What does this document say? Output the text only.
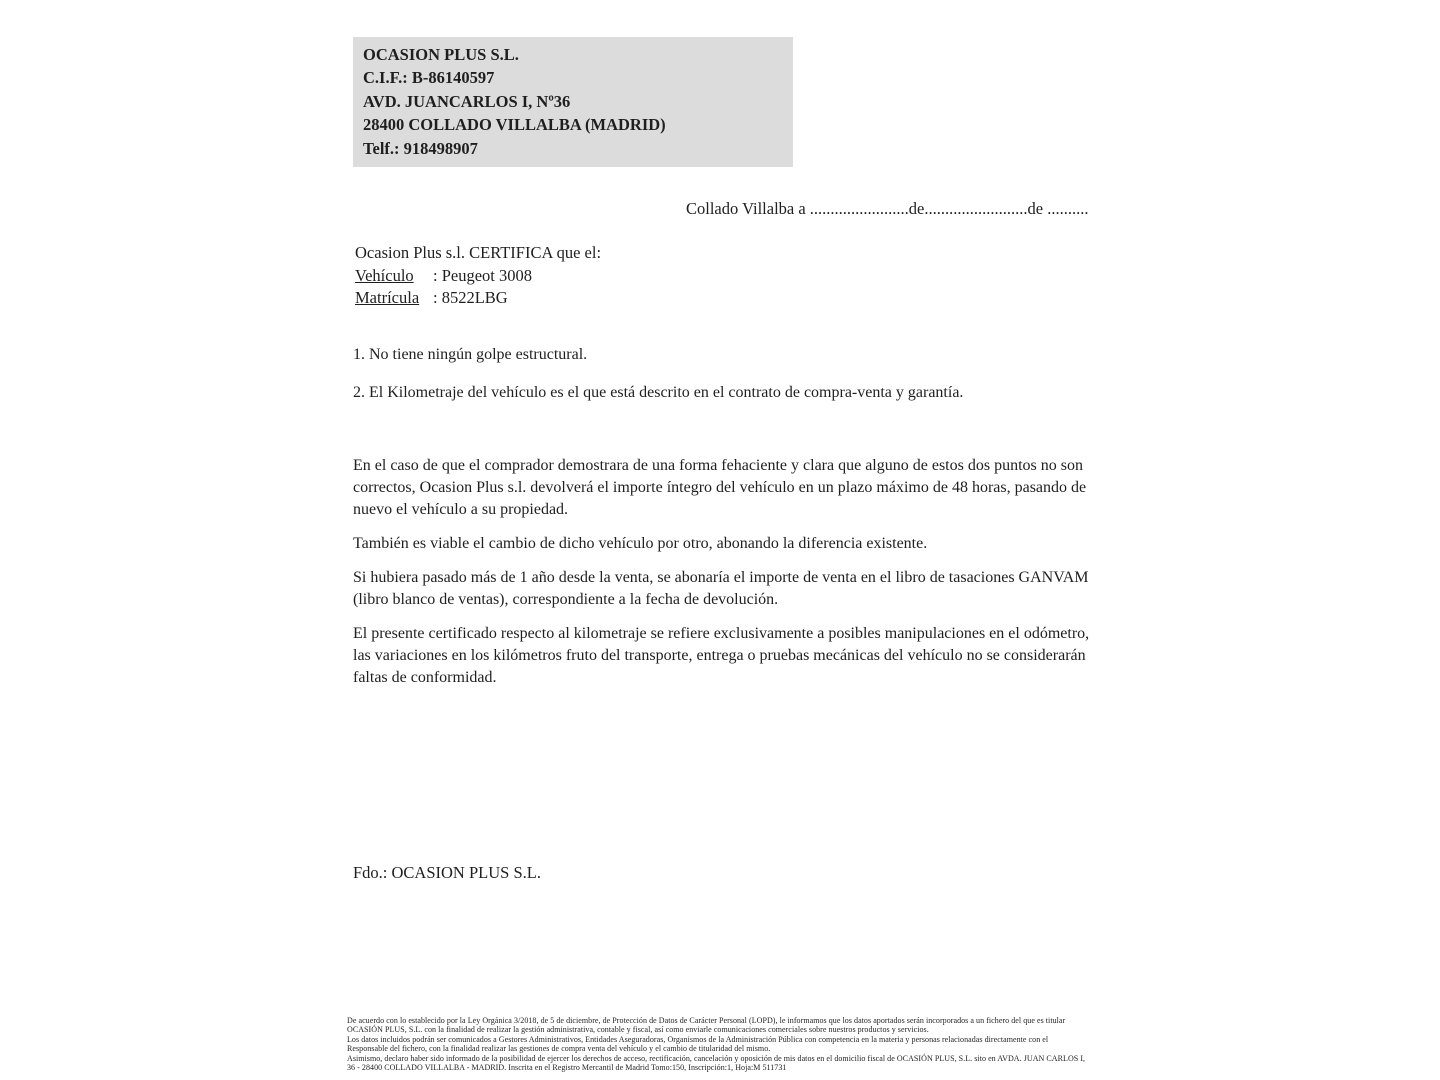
OCASION PLUS S.L.
C.I.F.: B-86140597
AVD. JUANCARLOS I, Nº36
28400 COLLADO VILLALBA (MADRID)
Telf.: 918498907
Collado Villalba a ........................de.........................de ..........
Ocasion Plus s.l. CERTIFICA que el:
Vehículo : Peugeot 3008
Matrícula : 8522LBG

1. No tiene ningún golpe estructural.

2. El Kilometraje del vehículo es el que está descrito en el contrato de compra-venta y garantía.

En el caso de que el comprador demostrara de una forma fehaciente y clara que alguno de estos dos puntos no son correctos, Ocasion Plus s.l. devolverá el importe íntegro del vehículo en un plazo máximo de 48 horas, pasando de nuevo el vehículo a su propiedad.

También es viable el cambio de dicho vehículo por otro, abonando la diferencia existente.

Si hubiera pasado más de 1 año desde la venta, se abonaría el importe de venta en el libro de tasaciones GANVAM (libro blanco de ventas), correspondiente a la fecha de devolución.

El presente certificado respecto al kilometraje se refiere exclusivamente a posibles manipulaciones en el odómetro, las variaciones en los kilómetros fruto del transporte, entrega o pruebas mecánicas del vehículo no se considerarán faltas de conformidad.

Fdo.: OCASION PLUS S.L.

De acuerdo con lo establecido por la Ley Orgánica 3/2018, de 5 de diciembre, de Protección de Datos de Carácter Personal (LOPD), le informamos que los datos aportados serán incorporados a un fichero del que es titular OCASIÓN PLUS, S.L. con la finalidad de realizar la gestión administrativa, contable y fiscal, así como enviarle comunicaciones comerciales sobre nuestros productos y servicios.

Los datos incluidos podrán ser comunicados a Gestores Administrativos, Entidades Aseguradoras, Organismos de la Administración Pública con competencia en la materia y personas relacionadas directamente con el Responsable del fichero, con la finalidad realizar las gestiones de compra venta del vehículo y el cambio de titularidad del mismo.

Asimismo, declaro haber sido informado de la posibilidad de ejercer los derechos de acceso, rectificación, cancelación y oposición de mis datos en el domicilio fiscal de OCASIÓN PLUS, S.L. sito en AVDA. JUAN CARLOS I, 36 - 28400 COLLADO VILLALBA - MADRID. Inscrita en el Registro Mercantil de Madrid Tomo:150, Inscripción:1, Hoja:M 511731
